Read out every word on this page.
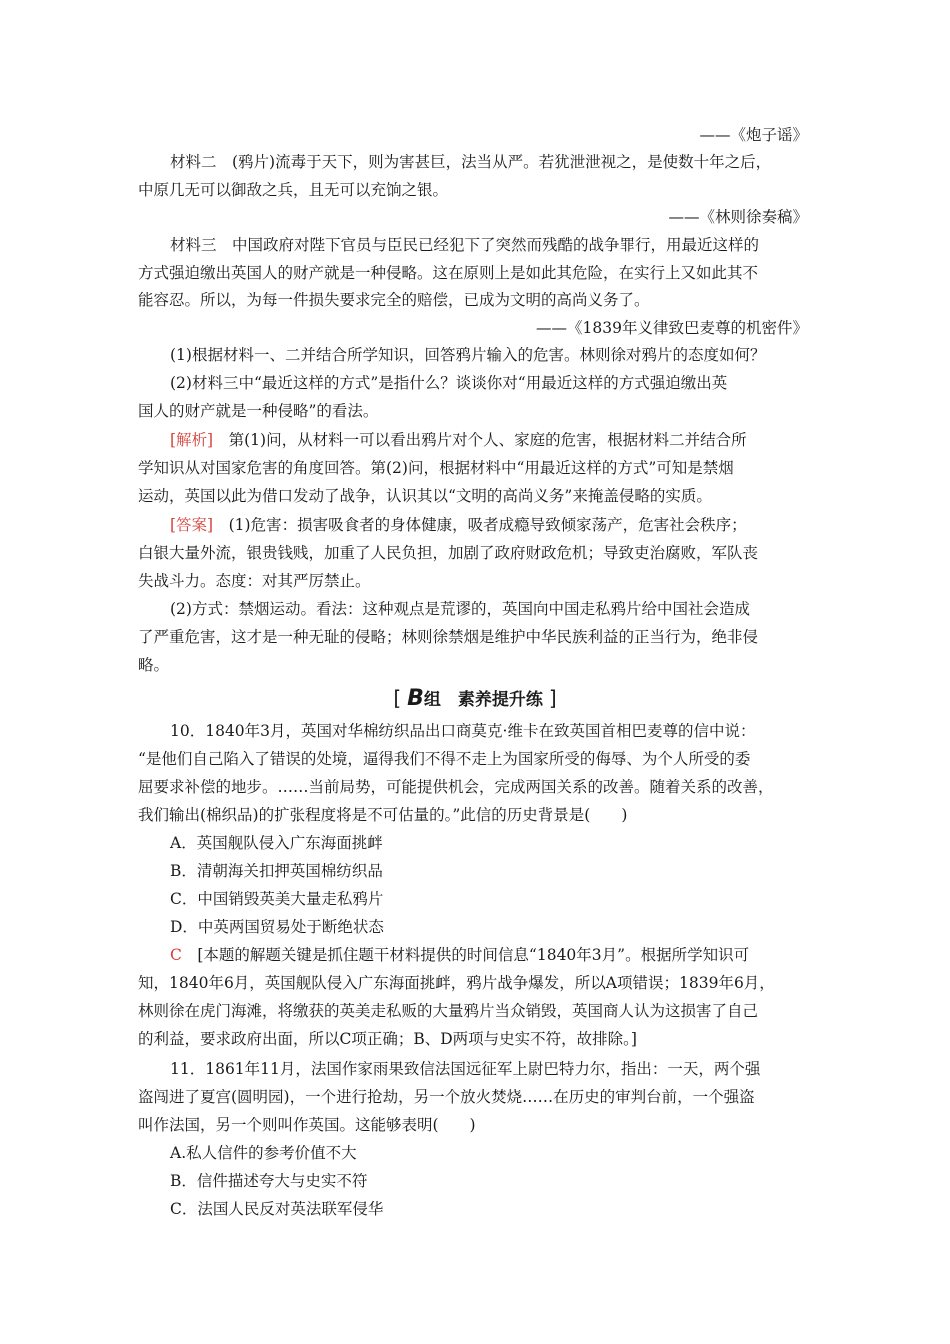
——《炮子谣》
材料二　(鸦片)流毒于天下，则为害甚巨，法当从严。若犹泄泄视之，是使数十年之后，
中原几无可以御敌之兵，且无可以充饷之银。
——《林则徐奏稿》
材料三　中国政府对陛下官员与臣民已经犯下了突然而残酷的战争罪行，用最近这样的
方式强迫缴出英国人的财产就是一种侵略。这在原则上是如此其危险，在实行上又如此其不
能容忍。所以，为每一件损失要求完全的赔偿，已成为文明的高尚义务了。
——《1839年义律致巴麦尊的机密件》
(1)根据材料一、二并结合所学知识，回答鸦片输入的危害。林则徐对鸦片的态度如何？
(2)材料三中“最近这样的方式”是指什么？谈谈你对“用最近这样的方式强迫缴出英
国人的财产就是一种侵略”的看法。
[解析]　第(1)问，从材料一可以看出鸦片对个人、家庭的危害，根据材料二并结合所
学知识从对国家危害的角度回答。第(2)问，根据材料中“用最近这样的方式”可知是禁烟
运动，英国以此为借口发动了战争，认识其以“文明的高尚义务”来掩盖侵略的实质。
[答案]　(1)危害：损害吸食者的身体健康，吸者成瘾导致倾家荡产，危害社会秩序；
白银大量外流，银贵钱贱，加重了人民负担，加剧了政府财政危机；导致吏治腐败，军队丧
失战斗力。态度：对其严厉禁止。
(2)方式：禁烟运动。看法：这种观点是荒谬的，英国向中国走私鸦片给中国社会造成
了严重危害，这才是一种无耻的侵略；林则徐禁烟是维护中华民族利益的正当行为，绝非侵
略。
10．1840年3月，英国对华棉纺织品出口商莫克·维卡在致英国首相巴麦尊的信中说：
“是他们自己陷入了错误的处境，逼得我们不得不走上为国家所受的侮辱、为个人所受的委
屈要求补偿的地步。……当前局势，可能提供机会，完成两国关系的改善。随着关系的改善，
我们输出(棉织品)的扩张程度将是不可估量的。”此信的历史背景是(　　)
A．英国舰队侵入广东海面挑衅
B．清朝海关扣押英国棉纺织品
C．中国销毁英美大量走私鸦片
D．中英两国贸易处于断绝状态
C　[本题的解题关键是抓住题干材料提供的时间信息“1840年3月”。根据所学知识可
知，1840年6月，英国舰队侵入广东海面挑衅，鸦片战争爆发，所以A项错误；1839年6月，
林则徐在虎门海滩，将缴获的英美走私贩的大量鸦片当众销毁，英国商人认为这损害了自己
的利益，要求政府出面，所以C项正确；B、D两项与史实不符，故排除。]
11．1861年11月，法国作家雨果致信法国远征军上尉巴特力尔，指出：一天，两个强
盗闯进了夏宫(圆明园)，一个进行抢劫，另一个放火焚烧……在历史的审判台前，一个强盗
叫作法国，另一个则叫作英国。这能够表明(　　)
A.私人信件的参考价值不大
B．信件描述夸大与史实不符
C．法国人民反对英法联军侵华
[ B组　素养提升练 ]
